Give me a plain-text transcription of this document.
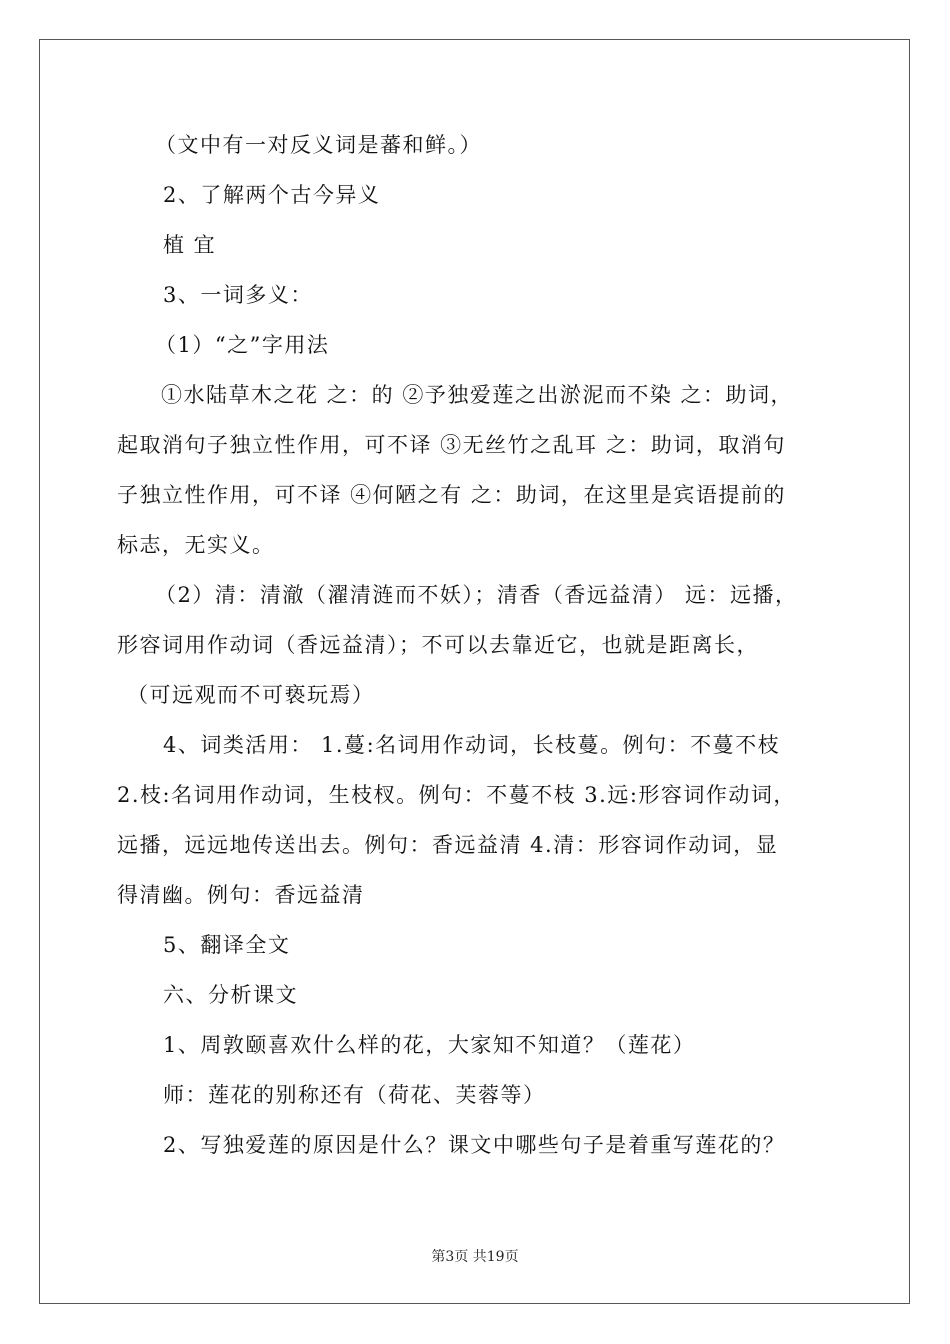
（文中有一对反义词是蕃和鲜。）

2、了解两个古今异义

植 宜

3、一词多义：

（1）“之”字用法

①水陆草木之花 之：的 ②予独爱莲之出淤泥而不染 之：助词，

起取消句子独立性作用，可不译 ③无丝竹之乱耳 之：助词，取消句

子独立性作用，可不译 ④何陋之有 之：助词，在这里是宾语提前的

标志，无实义。

（2）清：清澈（濯清涟而不妖）；清香（香远益清） 远：远播，

形容词用作动词（香远益清）；不可以去靠近它，也就是距离长，

（可远观而不可亵玩焉）

4、词类活用： 1.蔓:名词用作动词，长枝蔓。例句：不蔓不枝

2.枝:名词用作动词，生枝杈。例句：不蔓不枝 3.远:形容词作动词，

远播，远远地传送出去。例句：香远益清 4.清：形容词作动词，显

得清幽。例句：香远益清

5、翻译全文

六、分析课文

1、周敦颐喜欢什么样的花，大家知不知道？（莲花）

师：莲花的别称还有（荷花、芙蓉等）

2、写独爱莲的原因是什么？课文中哪些句子是着重写莲花的？

第3页 共19页
